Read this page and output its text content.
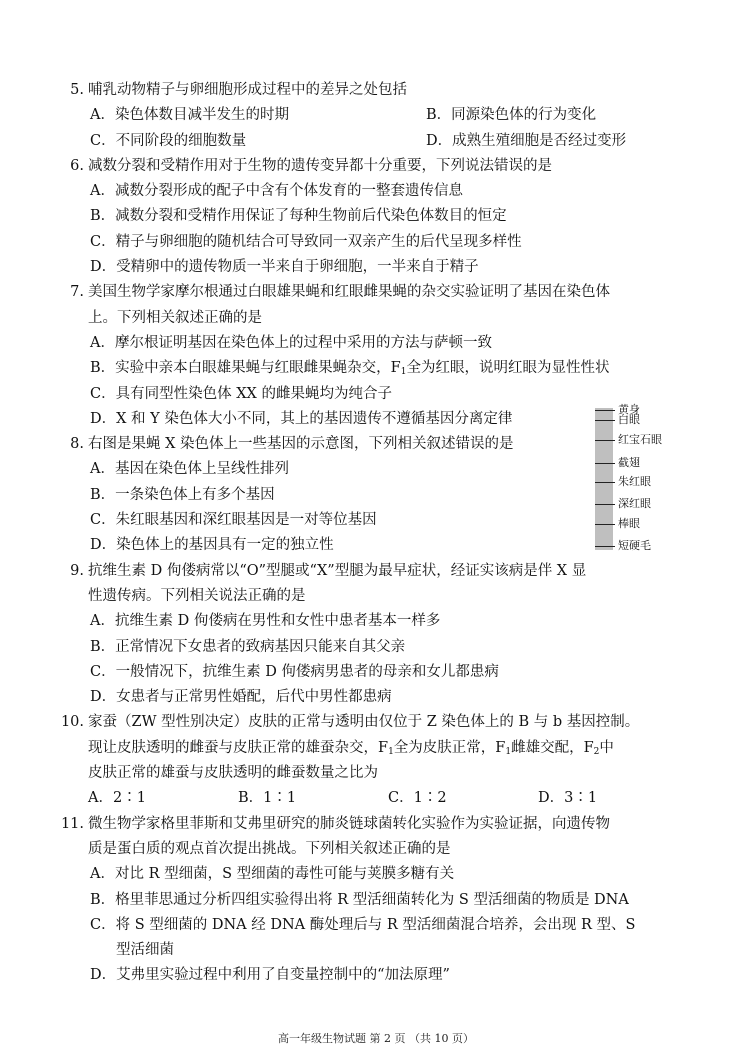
5. 哺乳动物精子与卵细胞形成过程中的差异之处包括
A．染色体数目减半发生的时期	B．同源染色体的行为变化
C．不同阶段的细胞数量	D．成熟生殖细胞是否经过变形
6. 减数分裂和受精作用对于生物的遗传变异都十分重要，下列说法错误的是
A．减数分裂形成的配子中含有个体发育的一整套遗传信息
B．减数分裂和受精作用保证了每种生物前后代染色体数目的恒定
C．精子与卵细胞的随机结合可导致同一双亲产生的后代呈现多样性
D．受精卵中的遗传物质一半来自于卵细胞，一半来自于精子
7. 美国生物学家摩尔根通过白眼雄果蝇和红眼雌果蝇的杂交实验证明了基因在染色体
上。下列相关叙述正确的是
A．摩尔根证明基因在染色体上的过程中采用的方法与萨顿一致
B．实验中亲本白眼雄果蝇与红眼雌果蝇杂交，$F_1$全为红眼，说明红眼为显性性状
C．具有同型性染色体 XX 的雌果蝇均为纯合子
D．X 和 Y 染色体大小不同，其上的基因遗传不遵循基因分离定律
8. 右图是果蝇 X 染色体上一些基因的示意图，下列相关叙述错误的是
A．基因在染色体上呈线性排列
B．一条染色体上有多个基因
C．朱红眼基因和深红眼基因是一对等位基因
D．染色体上的基因具有一定的独立性
9. 抗维生素 D 佝偻病常以“O”型腿或“X”型腿为最早症状，经证实该病是伴 X 显
性遗传病。下列相关说法正确的是
A．抗维生素 D 佝偻病在男性和女性中患者基本一样多
B．正常情况下女患者的致病基因只能来自其父亲
C．一般情况下，抗维生素 D 佝偻病男患者的母亲和女儿都患病
D．女患者与正常男性婚配，后代中男性都患病
10. 家蚕（ZW 型性别决定）皮肤的正常与透明由仅位于 Z 染色体上的 B 与 b 基因控制。
现让皮肤透明的雌蚕与皮肤正常的雄蚕杂交，$F_1$全为皮肤正常，$F_1$雌雄交配，$F_2$中
皮肤正常的雄蚕与皮肤透明的雌蚕数量之比为
A．2∶1	B．1∶1	C．1∶2	D．3∶1
11. 微生物学家格里菲斯和艾弗里研究的肺炎链球菌转化实验作为实验证据，向遗传物
质是蛋白质的观点首次提出挑战。下列相关叙述正确的是
A．对比 R 型细菌，S 型细菌的毒性可能与荚膜多糖有关
B．格里菲思通过分析四组实验得出将 R 型活细菌转化为 S 型活细菌的物质是 DNA
C．将 S 型细菌的 DNA 经 DNA 酶处理后与 R 型活细菌混合培养，会出现 R 型、S
型活细菌
D．艾弗里实验过程中利用了自变量控制中的“加法原理”
黄身
白眼
红宝石眼
截翅
朱红眼
深红眼
棒眼
短硬毛
高一年级生物试题 第 2 页 （共 10 页）
